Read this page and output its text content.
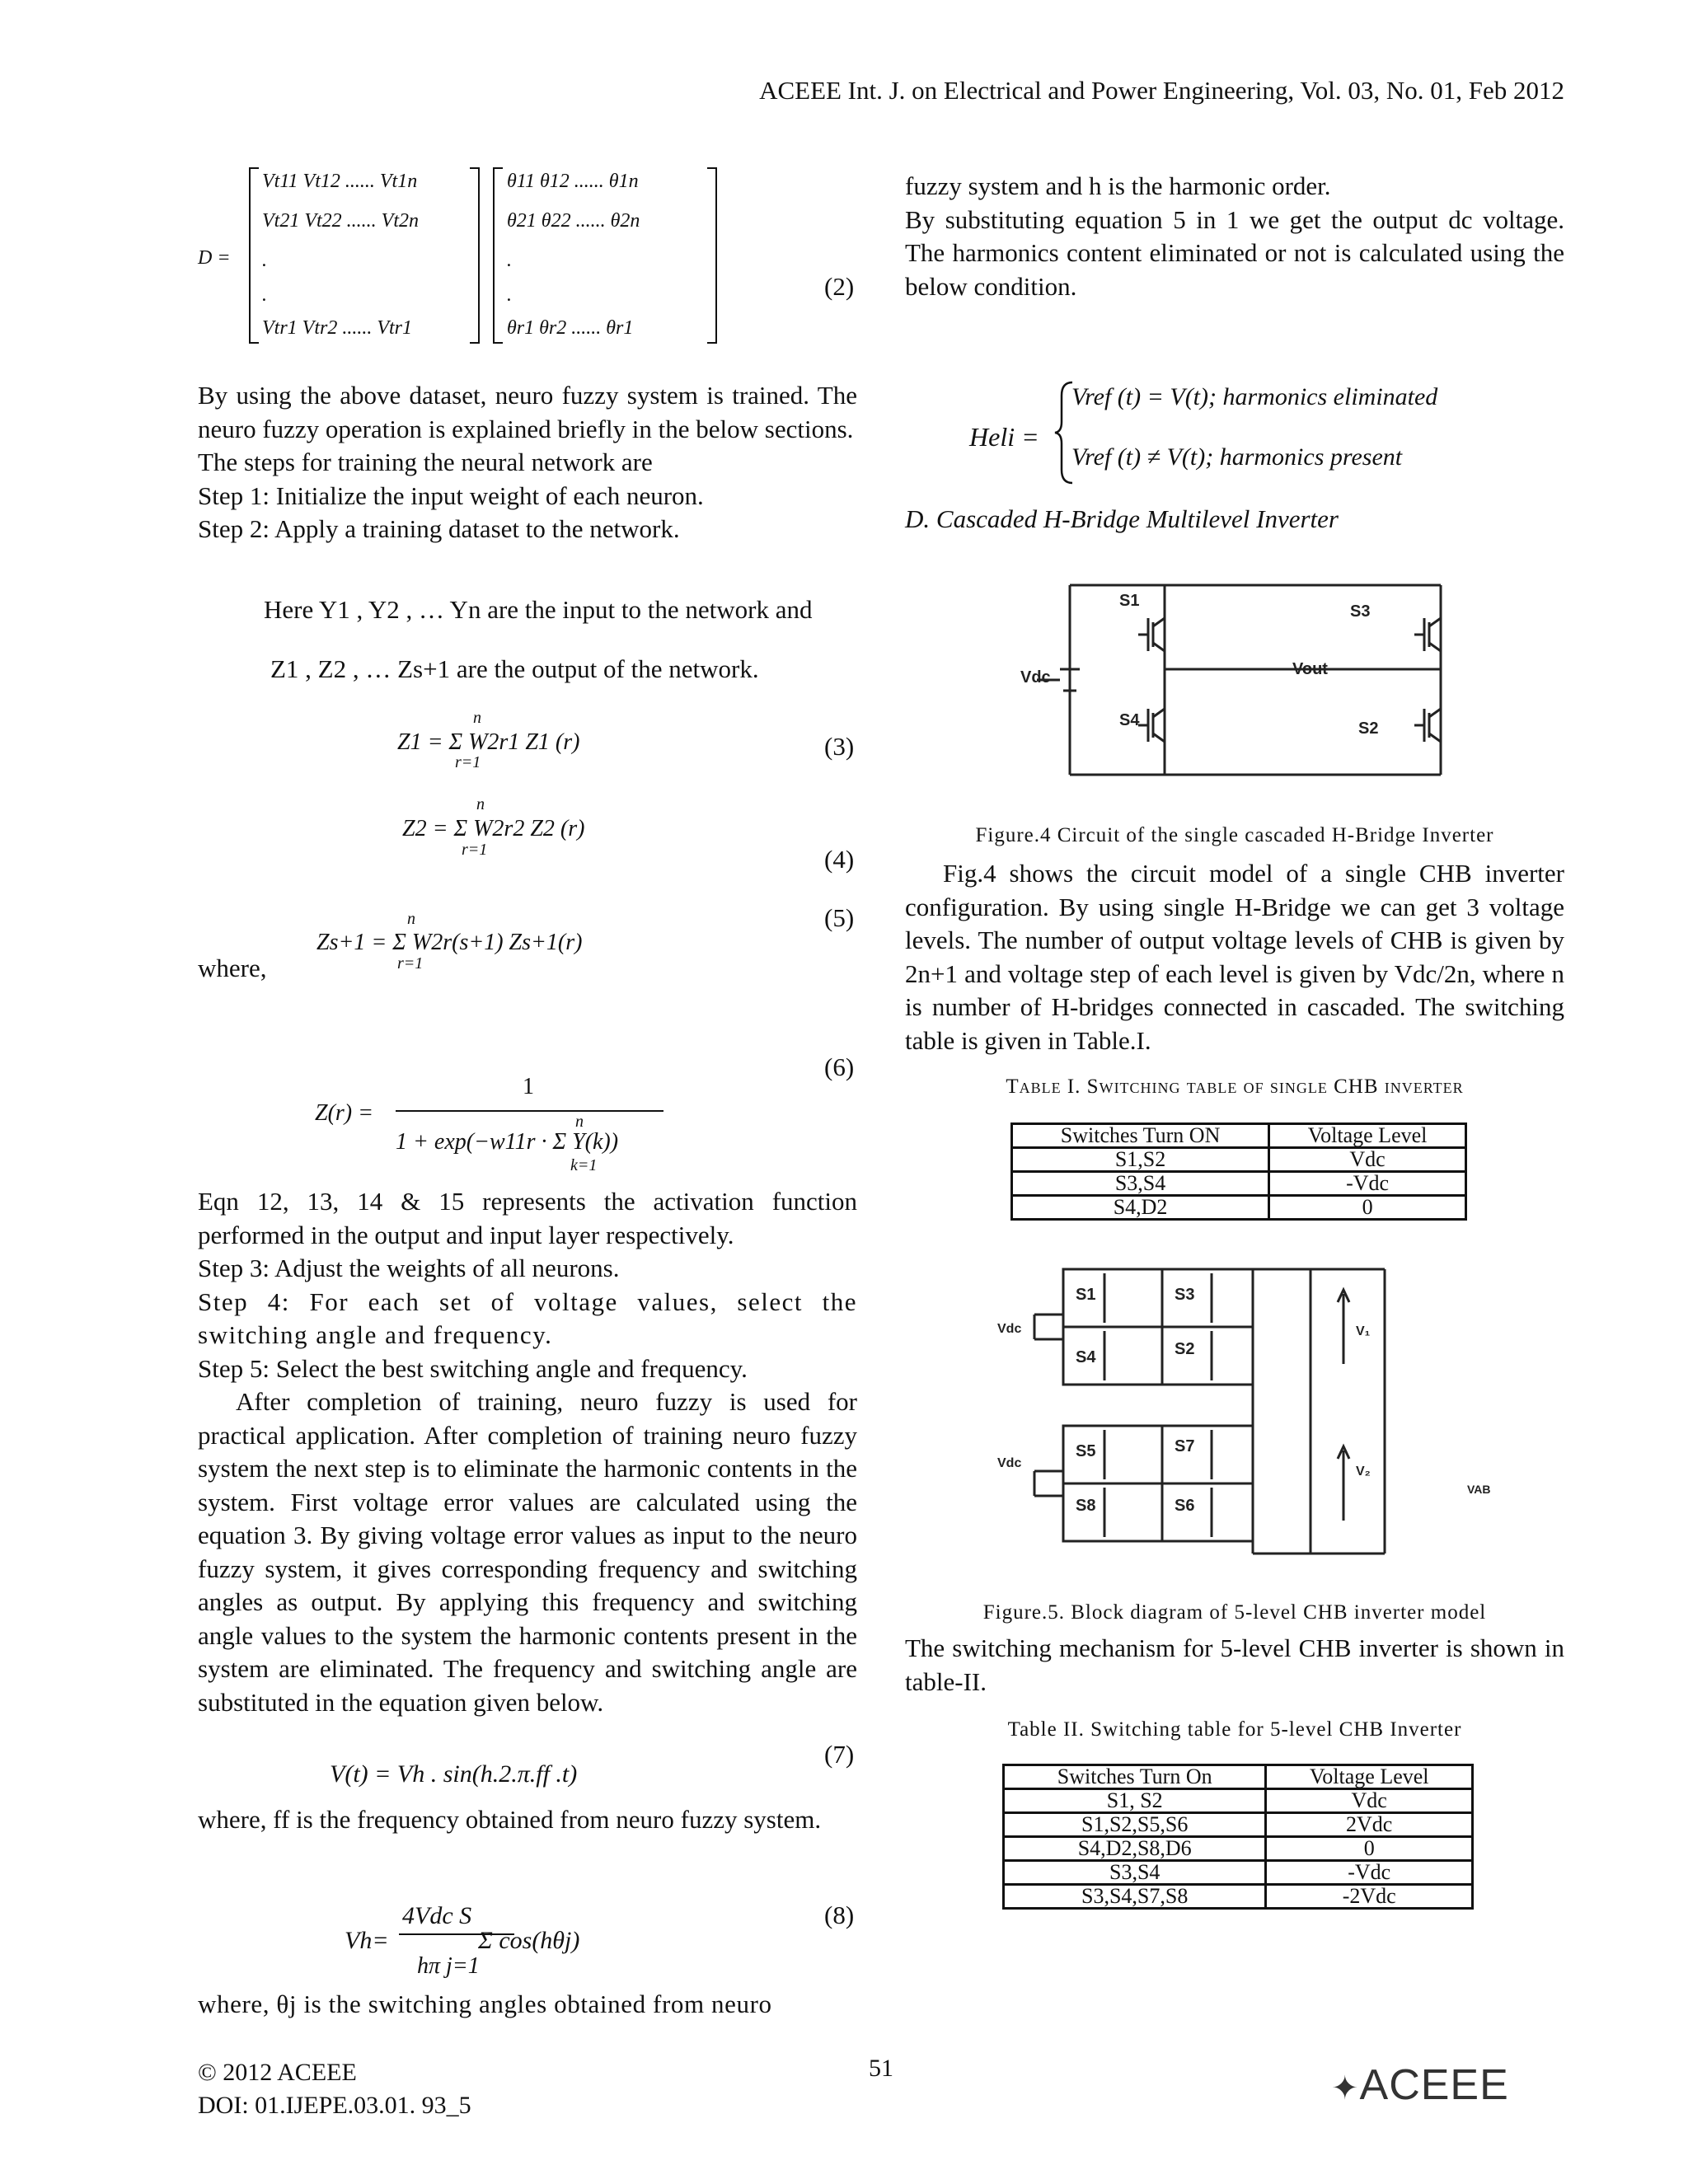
ACEEE Int. J. on Electrical and Power Engineering, Vol. 03, No. 01, Feb 2012
D =
Vt11 Vt12 ...... Vt1n
Vt21 Vt22 ...... Vt2n
.
.
Vtr1 Vtr2 ...... Vtr1
θ11 θ12 ...... θ1n
θ21 θ22 ...... θ2n
.
.
θr1 θr2 ...... θr1
(2)

By using the above dataset, neuro fuzzy system is trained. The neuro fuzzy operation is explained briefly in the below sections.

The steps for training the neural network are

Step 1: Initialize the input weight of each neuron.

Step 2: Apply a training dataset to the network.

Here Y1 , Y2 , … Yn are the input to the network and
Z1 , Z2 , … Zs+1 are the output of the network.
Z1 = Σ W2r1 Z1 (r)
n
r=1
(3)
Z2 = Σ W2r2 Z2 (r)
n
r=1	(4)
(5)
where,
Zs+1 = Σ W2r(s+1) Zs+1(r)
n
r=1
(6)
Z(r) =
1
n
1 + exp(−w11r · Σ Y(k))
k=1

Eqn 12, 13, 14 & 15 represents the activation function performed in the output and input layer respectively.

Step 3: Adjust the weights of all neurons.

Step 4: For each set of voltage values, select the switching angle and frequency.

Step 5: Select the best switching angle and frequency.

After completion of training, neuro fuzzy is used for practical application. After completion of training neuro fuzzy system the next step is to eliminate the harmonic contents in the system. First voltage error values are calculated using the equation 3. By giving voltage error values as input to the neuro fuzzy system, it gives corresponding frequency and switching angles as output. By applying this frequency and switching angle values to the system the harmonic contents present in the system are eliminated. The frequency and switching angle are substituted in the equation given below.

(7)
V(t) = Vh . sin(h.2.π.ff .t)
where, ff is the frequency obtained from neuro fuzzy system.
(8)
Vh=
4Vdc S
hπ j=1
Σ cos(hθj)
where, θj is the switching angles obtained from neuro

fuzzy system and h is the harmonic order.

By substituting equation 5 in 1 we get the output dc voltage. The harmonics content eliminated or not is calculated using the below condition.

Heli =
Vref (t) = V(t); harmonics eliminated
Vref (t) ≠ V(t); harmonics present
D. Cascaded H-Bridge Multilevel Inverter
S1
S3
Vdc	Vout
S4	S2
Figure.4 Circuit of the single cascaded H-Bridge Inverter

Fig.4 shows the circuit model of a single CHB inverter configuration. By using single H-Bridge we can get 3 voltage levels. The number of output voltage levels of CHB is given by 2n+1 and voltage step of each level is given by Vdc/2n, where n is number of H-bridges connected in cascaded. The switching table is given in Table.I.

Table I. Switching table of single CHB inverter
Switches Turn ON	Voltage Level
S1,S2	Vdc
S3,S4	-Vdc
S4,D2	0
S1	S3
Vdc
S4	S2
V₁
S5	S7
Vdc
S8	S6
V₂
VAB
Figure.5. Block diagram of 5-level CHB inverter model

The switching mechanism for 5-level CHB inverter is shown in table-II.

Table II. Switching table for 5-level CHB Inverter
Switches Turn On	Voltage Level
S1, S2	Vdc
S1,S2,S5,S6	2Vdc
S4,D2,S8,D6	0
S3,S4	-Vdc
S3,S4,S7,S8	-2Vdc
© 2012 ACEEE
DOI: 01.IJEPE.03.01. 93_5
51
✦ACEEE
